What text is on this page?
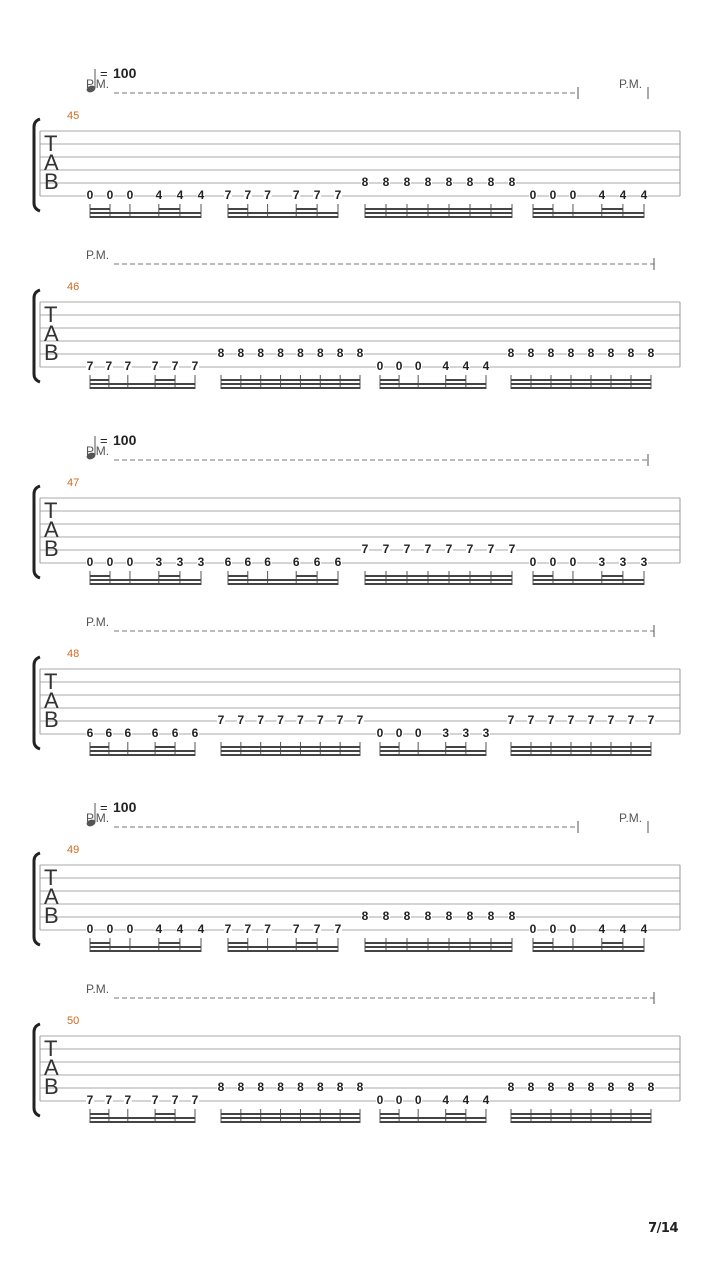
= 100
P.M.	P.M.
45
T
A
B
0 0 0 4 4 4 7 7 7 7 7 7
8 8 8 8 8 8 8 8
0 0 0 4 4 4
P.M.
46
T
A
B
7 7 7 7 7 7
8 8 8 8 8 8 8 8
0 0 0 4 4 4
8 8 8 8 8 8 8 8
= 100
P.M.
47
T
A
B
0 0 0 3 3 3 6 6 6 6 6 6
7 7 7 7 7 7 7 7
0 0 0 3 3 3
P.M.
48
T
A
B
6 6 6 6 6 6
7 7 7 7 7 7 7 7
0 0 0 3 3 3
7 7 7 7 7 7 7 7
= 100
P.M.	P.M.
49
T
A
B
0 0 0 4 4 4 7 7 7 7 7 7
8 8 8 8 8 8 8 8
0 0 0 4 4 4
P.M.
50
T
A
B
7 7 7 7 7 7
8 8 8 8 8 8 8 8
0 0 0 4 4 4
8 8 8 8 8 8 8 8
7/14
